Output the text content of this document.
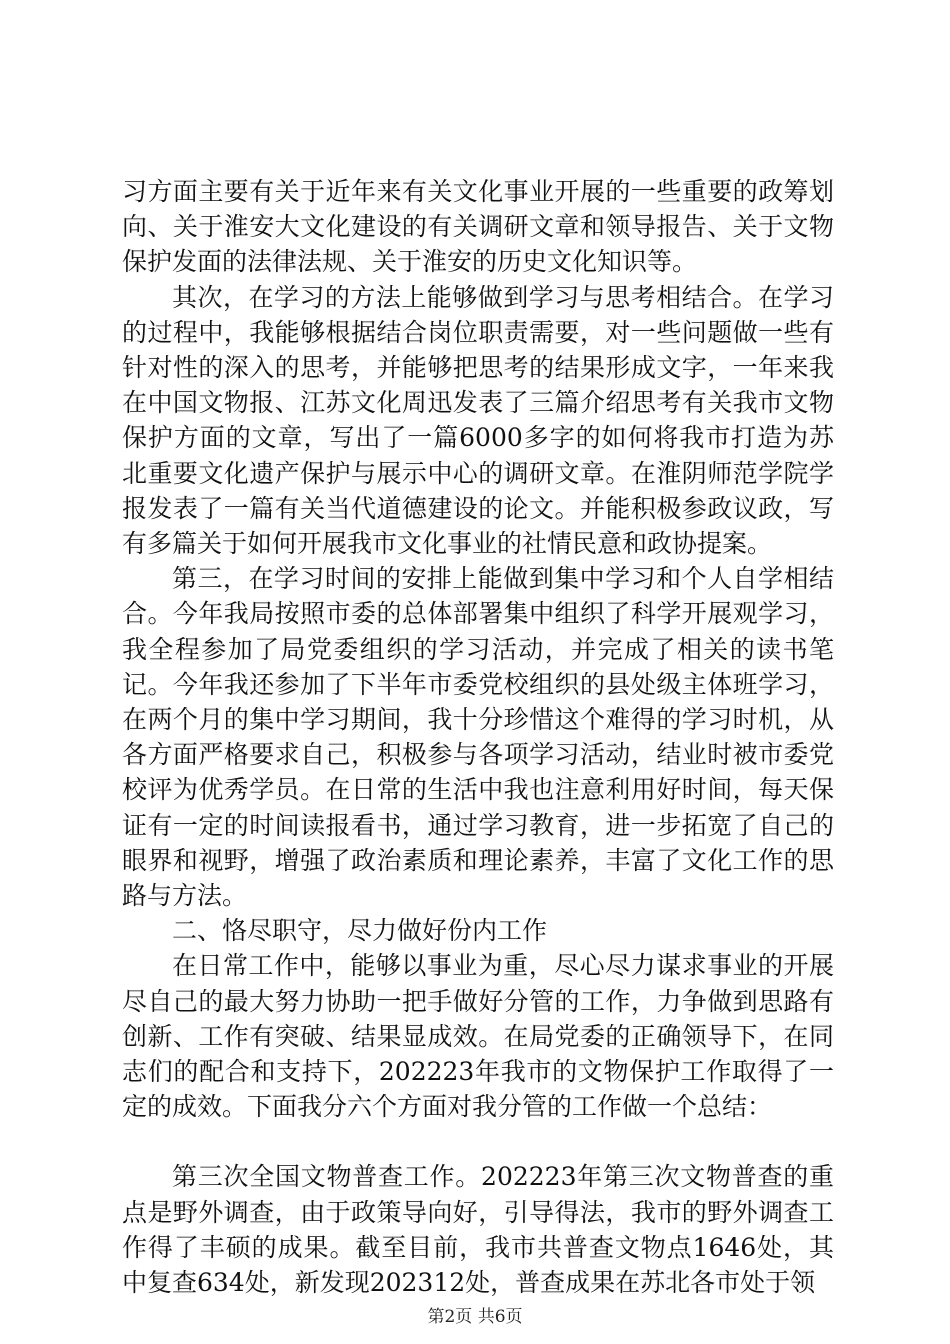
习方面主要有关于近年来有关文化事业开展的一些重要的政筹划向、关于淮安大文化建设的有关调研文章和领导报告、关于文物保护发面的法律法规、关于淮安的历史文化知识等。

其次，在学习的方法上能够做到学习与思考相结合。在学习的过程中，我能够根据结合岗位职责需要，对一些问题做一些有针对性的深入的思考，并能够把思考的结果形成文字，一年来我在中国文物报、江苏文化周迅发表了三篇介绍思考有关我市文物保护方面的文章，写出了一篇6000多字的如何将我市打造为苏北重要文化遗产保护与展示中心的调研文章。在淮阴师范学院学报发表了一篇有关当代道德建设的论文。并能积极参政议政，写有多篇关于如何开展我市文化事业的社情民意和政协提案。

第三，在学习时间的安排上能做到集中学习和个人自学相结合。今年我局按照市委的总体部署集中组织了科学开展观学习，我全程参加了局党委组织的学习活动，并完成了相关的读书笔记。今年我还参加了下半年市委党校组织的县处级主体班学习，在两个月的集中学习期间，我十分珍惜这个难得的学习时机，从各方面严格要求自己，积极参与各项学习活动，结业时被市委党校评为优秀学员。在日常的生活中我也注意利用好时间，每天保证有一定的时间读报看书，通过学习教育，进一步拓宽了自己的眼界和视野，增强了政治素质和理论素养，丰富了文化工作的思路与方法。

二、恪尽职守，尽力做好份内工作

在日常工作中，能够以事业为重，尽心尽力谋求事业的开展尽自己的最大努力协助一把手做好分管的工作，力争做到思路有创新、工作有突破、结果显成效。在局党委的正确领导下，在同志们的配合和支持下，202223年我市的文物保护工作取得了一定的成效。下面我分六个方面对我分管的工作做一个总结：

第三次全国文物普查工作。202223年第三次文物普查的重点是野外调查，由于政策导向好，引导得法，我市的野外调查工作得了丰硕的成果。截至目前，我市共普查文物点1646处，其中复查634处，新发现202312处，普查成果在苏北各市处于领

第2页 共6页
